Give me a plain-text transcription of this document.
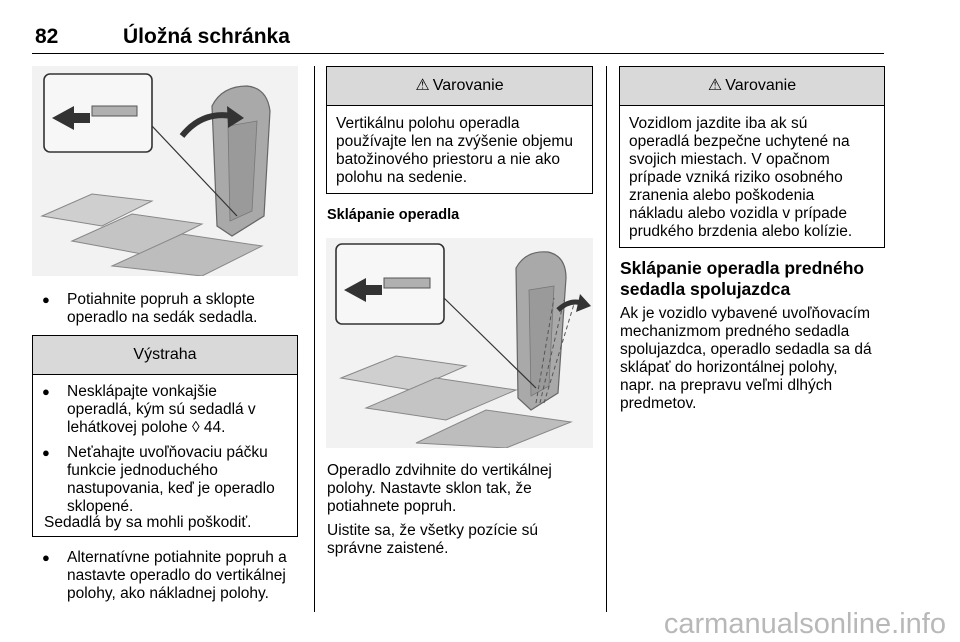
82	Úložná schránka
● Potiahnite popruh a sklopte
operadlo na sedák sedadla.
Výstraha
● Nesklápajte vonkajšie
operadlá, kým sú sedadlá v
lehátkovej polohe ◊ 44.
● Neťahajte uvoľňovaciu páčku
funkcie jednoduchého
nastupovania, keď je operadlo
sklopené.
Sedadlá by sa mohli poškodiť.
● Alternatívne potiahnite popruh a
nastavte operadlo do vertikálnej
polohy, ako nákladnej polohy.
⚠ Varovanie
Vertikálnu polohu operadla
používajte len na zvýšenie objemu
batožinového priestoru a nie ako
polohu na sedenie.
Sklápanie operadla
Operadlo zdvihnite do vertikálnej
polohy. Nastavte sklon tak, že
potiahnete popruh.
Uistite sa, že všetky pozície sú
správne zaistené.
⚠ Varovanie
Vozidlom jazdite iba ak sú
operadlá bezpečne uchytené na
svojich miestach. V opačnom
prípade vzniká riziko osobného
zranenia alebo poškodenia
nákladu alebo vozidla v prípade
prudkého brzdenia alebo kolízie.
Sklápanie operadla predného
sedadla spolujazdca
Ak je vozidlo vybavené uvoľňovacím
mechanizmom predného sedadla
spolujazdca, operadlo sedadla sa dá
sklápať do horizontálnej polohy,
napr. na prepravu veľmi dlhých
predmetov.
carmanualsonline.info
